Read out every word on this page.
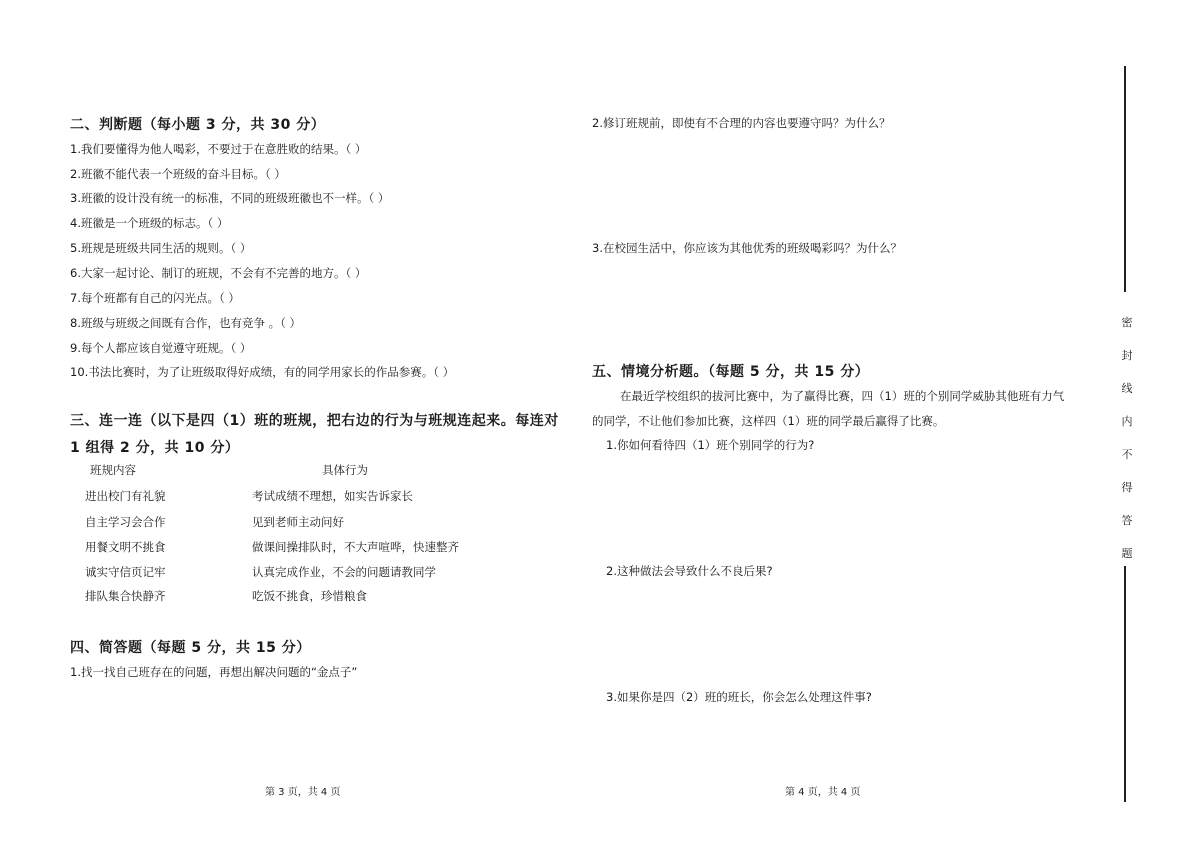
二、判断题（每小题 3 分，共 30 分）
1.我们要懂得为他人喝彩，不要过于在意胜败的结果。（ ）
2.班徽不能代表一个班级的奋斗目标。（ ）
3.班徽的设计没有统一的标准，不同的班级班徽也不一样。（ ）
4.班徽是一个班级的标志。（ ）
5.班规是班级共同生活的规则。（ ）
6.大家一起讨论、制订的班规，不会有不完善的地方。（ ）
7.每个班都有自己的闪光点。（ ）
8.班级与班级之间既有合作，也有竞争 。（ ）
9.每个人都应该自觉遵守班规。（ ）
10.书法比赛时，为了让班级取得好成绩，有的同学用家长的作品参赛。（ ）
三、连一连（以下是四（1）班的班规，把右边的行为与班规连起来。每连对
1 组得 2 分，共 10 分）
班规内容	具体行为
进出校门有礼貌
自主学习会合作
用餐文明不挑食
诚实守信页记牢
排队集合快静齐
考试成绩不理想，如实告诉家长
见到老师主动问好
做课间操排队时，不大声喧哗，快速整齐
认真完成作业，不会的问题请教同学
吃饭不挑食，珍惜粮食
四、简答题（每题 5 分，共 15 分）
1.找一找自己班存在的问题，再想出解决问题的“金点子”
第 3 页，共 4 页
2.修订班规前，即使有不合理的内容也要遵守吗？为什么？
3.在校园生活中，你应该为其他优秀的班级喝彩吗？为什么？
五、情境分析题。（每题 5 分，共 15 分）
在最近学校组织的拔河比赛中，为了赢得比赛，四（1）班的个别同学威胁其他班有力气
的同学，不让他们参加比赛，这样四（1）班的同学最后赢得了比赛。
1.你如何看待四（1）班个别同学的行为?
2.这种做法会导致什么不良后果?
3.如果你是四（2）班的班长，你会怎么处理这件事?
第 4 页，共 4 页
密
封
线
内
不
得
答
题
